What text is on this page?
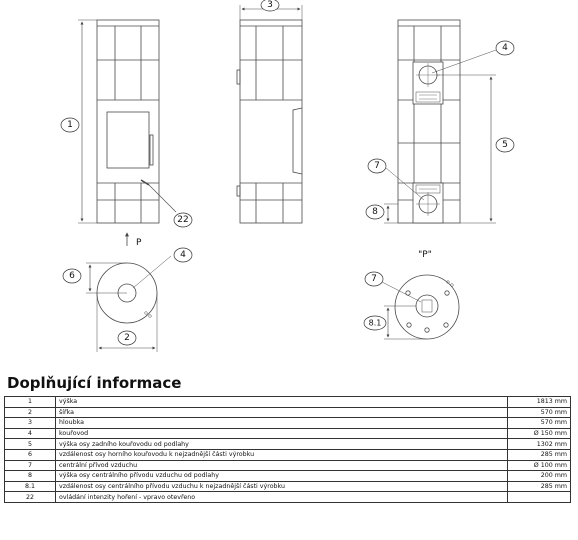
1
22
3
4
5
7
8
4
6
2
7
8.1
P
"P"
Doplňující informace
1	výška	1813 mm
2	šířka	570 mm
3	hloubka	570 mm
4	kouřovod	Ø 150 mm
5	výška osy zadního kouřovodu od podlahy	1302 mm
6	vzdálenost osy horního kouřovodu k nejzadnější části výrobku	285 mm
7	centrální přívod vzduchu	Ø 100 mm
8	výška osy centrálního přívodu vzduchu od podlahy	200 mm
8.1	vzdálenost osy centrálního přívodu vzduchu k nejzadnější části výrobku	285 mm
22	ovládání intenzity hoření - vpravo otevřeno	
